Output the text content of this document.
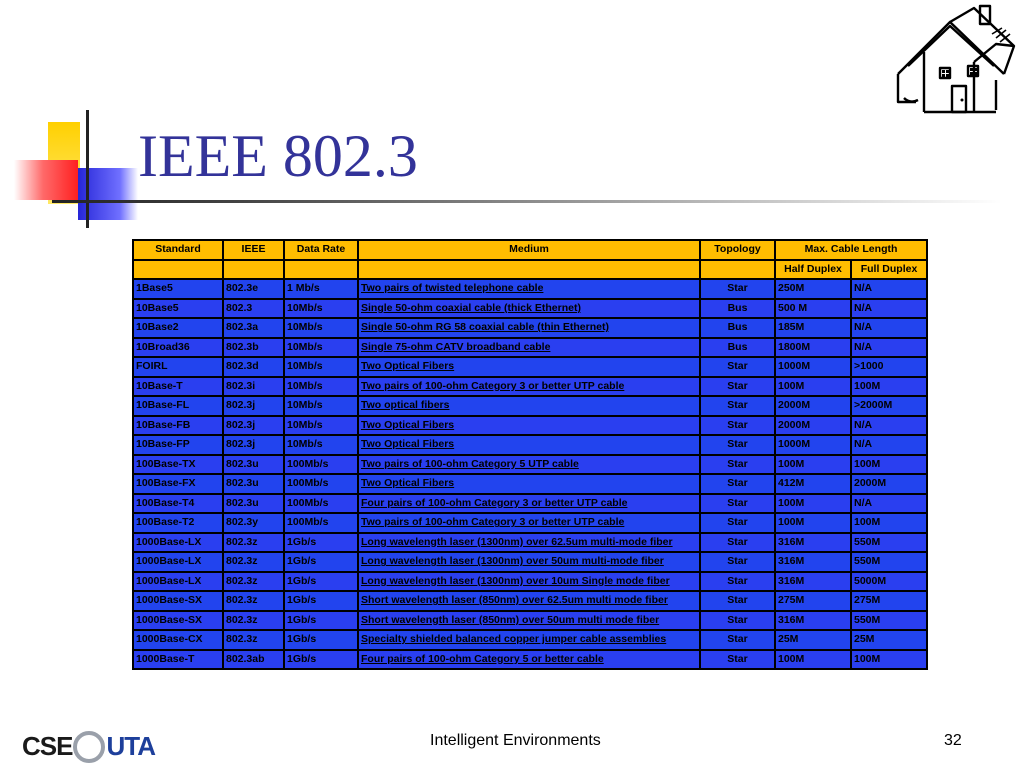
IEEE 802.3
Standard	IEEE	Data Rate	Medium	Topology	Max. Cable Length	
					Half Duplex	Full Duplex
1Base5	802.3e	1 Mb/s	Two pairs of twisted telephone cable	Star	250M	N/A
10Base5	802.3	10Mb/s	Single 50-ohm coaxial cable (thick Ethernet)	Bus	500 M	N/A
10Base2	802.3a	10Mb/s	Single 50-ohm RG 58 coaxial cable (thin Ethernet)	Bus	185M	N/A
10Broad36	802.3b	10Mb/s	Single 75-ohm CATV broadband cable	Bus	1800M	N/A
FOIRL	802.3d	10Mb/s	Two Optical Fibers	Star	1000M	>1000
10Base-T	802.3i	10Mb/s	Two pairs of 100-ohm Category 3 or better UTP cable	Star	100M	100M
10Base-FL	802.3j	10Mb/s	Two optical fibers	Star	2000M	>2000M
10Base-FB	802.3j	10Mb/s	Two Optical Fibers	Star	2000M	N/A
10Base-FP	802.3j	10Mb/s	Two Optical Fibers	Star	1000M	N/A
100Base-TX	802.3u	100Mb/s	Two pairs of 100-ohm Category 5 UTP cable	Star	100M	100M
100Base-FX	802.3u	100Mb/s	Two Optical Fibers	Star	412M	2000M
100Base-T4	802.3u	100Mb/s	Four pairs of 100-ohm Category 3 or better UTP cable	Star	100M	N/A
100Base-T2	802.3y	100Mb/s	Two pairs of 100-ohm Category 3 or better UTP cable	Star	100M	100M
1000Base-LX	802.3z	1Gb/s	Long wavelength laser (1300nm) over 62.5um multi-mode fiber	Star	316M	550M
1000Base-LX	802.3z	1Gb/s	Long wavelength laser (1300nm) over 50um multi-mode fiber	Star	316M	550M
1000Base-LX	802.3z	1Gb/s	Long wavelength laser (1300nm) over 10um Single mode fiber	Star	316M	5000M
1000Base-SX	802.3z	1Gb/s	Short wavelength laser (850nm) over 62.5um multi mode fiber	Star	275M	275M
1000Base-SX	802.3z	1Gb/s	Short wavelength laser (850nm) over 50um multi mode fiber	Star	316M	550M
1000Base-CX	802.3z	1Gb/s	Specialty shielded balanced copper jumper cable assemblies	Star	25M	25M
1000Base-T	802.3ab	1Gb/s	Four pairs of 100-ohm Category 5 or better cable	Star	100M	100M
CSE UTA	Intelligent Environments	32
